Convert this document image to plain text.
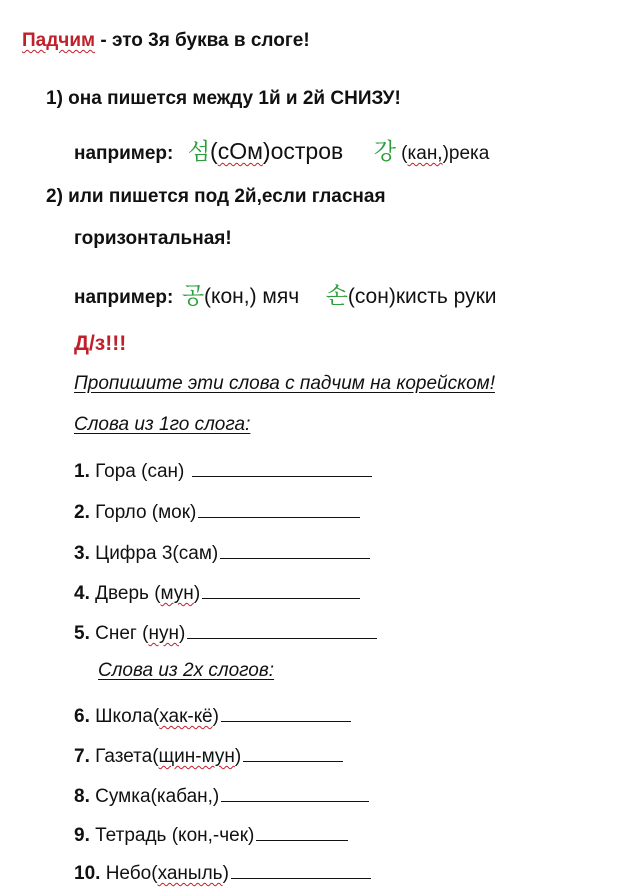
Падчим - это 3я буква в слоге!
1) она пишется между 1й и 2й СНИЗУ!
например: 섬(сОм)остров 강 (кан,)река
2) или пишется под 2й,если гласная
горизонтальная!
например: 공(кон,) мяч 손(сон)кисть руки
Д/з!!!
Пропишите эти слова с падчим на корейском!
Слова из 1го слога:
1. Гора (сан)
2. Горло (мок)
3. Цифра 3(сам)
4. Дверь (мун)
5. Снег (нун)
Слова из 2х слогов:
6. Школа(хак-кё)
7. Газета(щин-мун)
8. Сумка(кабан,)
9. Тетрадь (кон,-чек)
10. Небо(ханыль)
